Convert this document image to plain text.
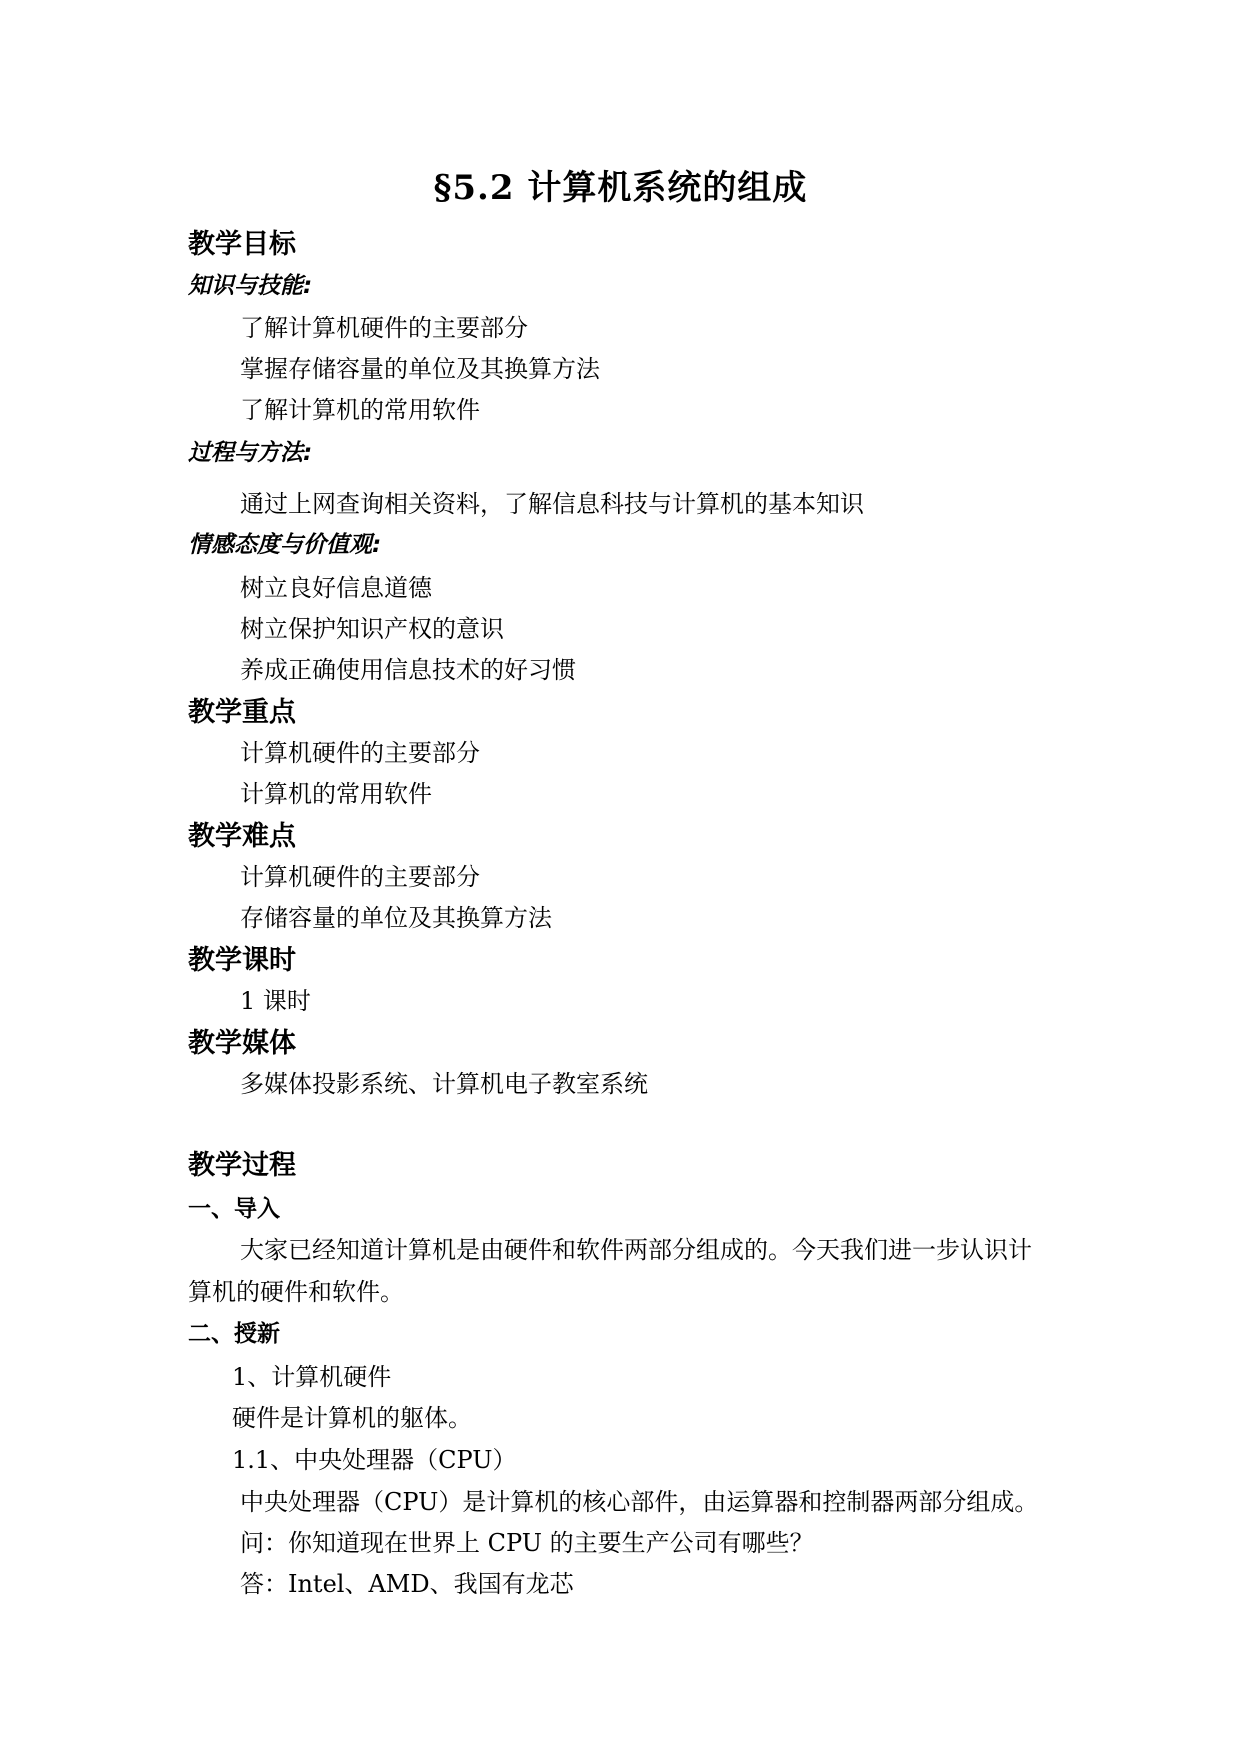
§5.2 计算机系统的组成
教学目标
知识与技能:
了解计算机硬件的主要部分
掌握存储容量的单位及其换算方法
了解计算机的常用软件
过程与方法:
通过上网查询相关资料，了解信息科技与计算机的基本知识
情感态度与价值观:
树立良好信息道德
树立保护知识产权的意识
养成正确使用信息技术的好习惯
教学重点
计算机硬件的主要部分
计算机的常用软件
教学难点
计算机硬件的主要部分
存储容量的单位及其换算方法
教学课时
1 课时
教学媒体
多媒体投影系统、计算机电子教室系统
教学过程
一、导入
大家已经知道计算机是由硬件和软件两部分组成的。今天我们进一步认识计
算机的硬件和软件。
二、授新
1、计算机硬件
硬件是计算机的躯体。
1.1、中央处理器（CPU）
中央处理器（CPU）是计算机的核心部件，由运算器和控制器两部分组成。
问：你知道现在世界上 CPU 的主要生产公司有哪些？
答：Intel、AMD、我国有龙芯
